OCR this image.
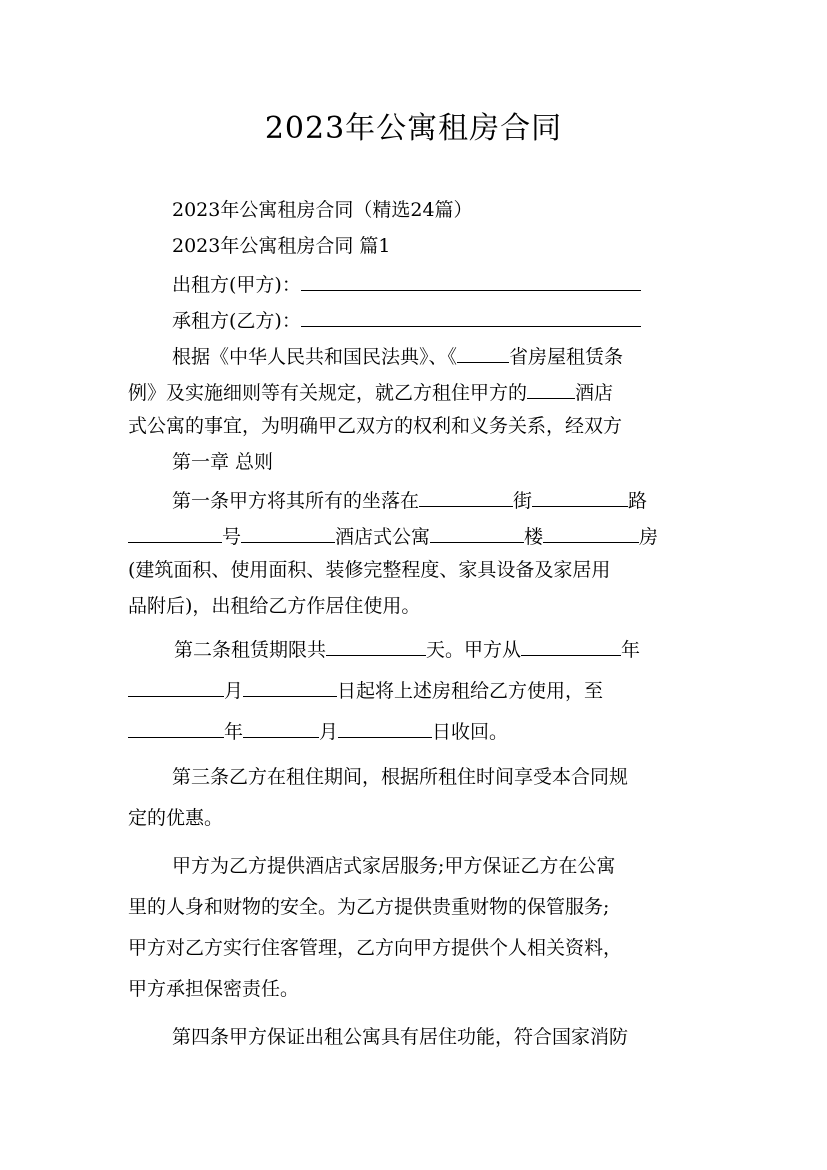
2023年公寓租房合同
2023年公寓租房合同（精选24篇）
2023年公寓租房合同 篇1
出租方(甲方)：
承租方(乙方)：
根据《中华人民共和国民法典》、《	省房屋租赁条
例》及实施细则等有关规定，就乙方租住甲方的	酒店
式公寓的事宜，为明确甲乙双方的权利和义务关系，经双方
第一章 总则
第一条甲方将其所有的坐落在	街	路
号	酒店式公寓	楼	房
(建筑面积、使用面积、装修完整程度、家具设备及家居用
品附后)，出租给乙方作居住使用。
第二条租赁期限共	天。甲方从	年
月	日起将上述房租给乙方使用，至
年	月	日收回。
第三条乙方在租住期间，根据所租住时间享受本合同规
定的优惠。
甲方为乙方提供酒店式家居服务;甲方保证乙方在公寓
里的人身和财物的安全。为乙方提供贵重财物的保管服务;
甲方对乙方实行住客管理，乙方向甲方提供个人相关资料，
甲方承担保密责任。
第四条甲方保证出租公寓具有居住功能，符合国家消防
